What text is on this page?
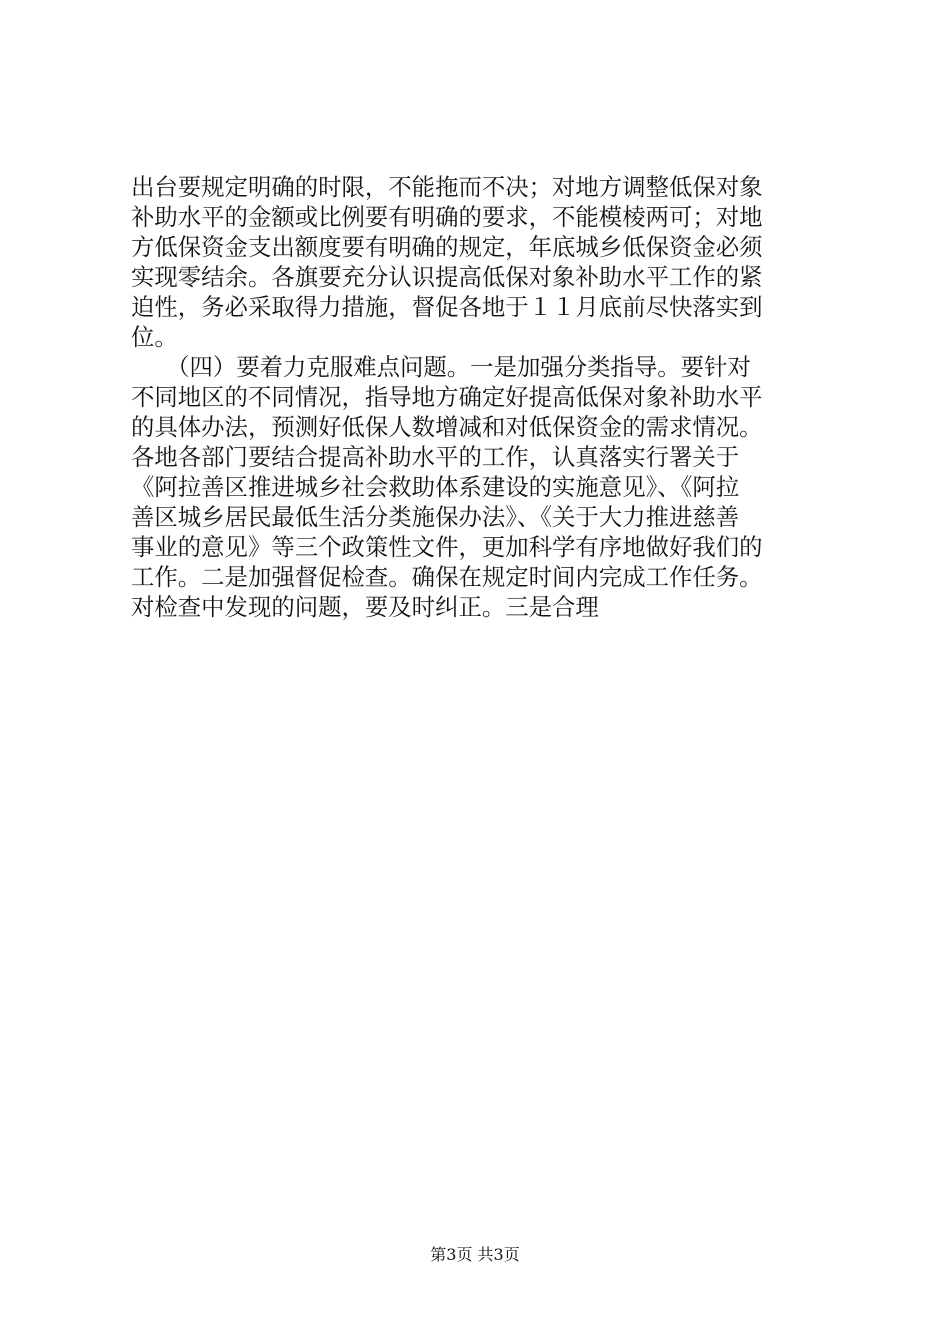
出台要规定明确的时限，不能拖而不决；对地方调整低保对象
补助水平的金额或比例要有明确的要求，不能模棱两可；对地
方低保资金支出额度要有明确的规定，年底城乡低保资金必须
实现零结余。各旗要充分认识提高低保对象补助水平工作的紧
迫性，务必采取得力措施，督促各地于１１月底前尽快落实到
位。
　　（四）要着力克服难点问题。一是加强分类指导。要针对
不同地区的不同情况，指导地方确定好提高低保对象补助水平
的具体办法，预测好低保人数增减和对低保资金的需求情况。
各地各部门要结合提高补助水平的工作，认真落实行署关于
《阿拉善区推进城乡社会救助体系建设的实施意见》、《阿拉
善区城乡居民最低生活分类施保办法》、《关于大力推进慈善
事业的意见》等三个政策性文件，更加科学有序地做好我们的
工作。二是加强督促检查。确保在规定时间内完成工作任务。
对检查中发现的问题，要及时纠正。三是合理
第3页 共3页
